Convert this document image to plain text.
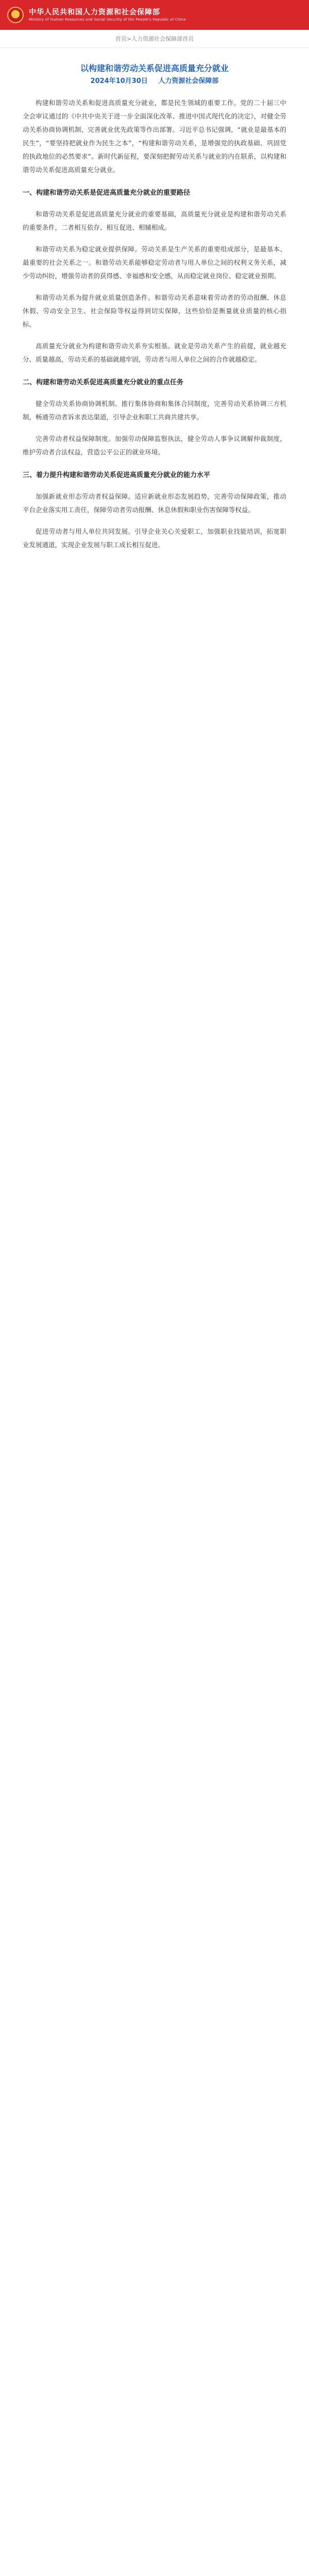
中华人民共和国人力资源和社会保障部
Ministry of Human Resources and Social Security of the People's Republic of China
首页 > 人力资源社会保障部首页
以构建和谐劳动关系促进高质量充分就业
2024年10月30日 人力资源社会保障部

构建和谐劳动关系和促进高质量充分就业，都是民生领域的重要工作。党的二十届三中全会审议通过的《中共中央关于进一步全面深化改革、推进中国式现代化的决定》，对健全劳动关系协商协调机制、完善就业优先政策等作出部署。习近平总书记强调，“就业是最基本的民生”，“要坚持把就业作为民生之本”，“构建和谐劳动关系，是增强党的执政基础、巩固党的执政地位的必然要求”。新时代新征程，要深刻把握劳动关系与就业的内在联系，以构建和谐劳动关系促进高质量充分就业。

一、构建和谐劳动关系是促进高质量充分就业的重要路径

和谐劳动关系是促进高质量充分就业的重要基础，高质量充分就业是构建和谐劳动关系的重要条件，二者相互依存、相互促进、相辅相成。

和谐劳动关系为稳定就业提供保障。劳动关系是生产关系的重要组成部分，是最基本、最重要的社会关系之一。和谐劳动关系能够稳定劳动者与用人单位之间的权利义务关系，减少劳动纠纷，增强劳动者的获得感、幸福感和安全感，从而稳定就业岗位、稳定就业预期。

和谐劳动关系为提升就业质量创造条件。和谐劳动关系意味着劳动者的劳动报酬、休息休假、劳动安全卫生、社会保险等权益得到切实保障，这些恰恰是衡量就业质量的核心指标。

高质量充分就业为构建和谐劳动关系夯实根基。就业是劳动关系产生的前提，就业越充分、质量越高，劳动关系的基础就越牢固，劳动者与用人单位之间的合作就越稳定。

二、构建和谐劳动关系促进高质量充分就业的重点任务

健全劳动关系协商协调机制。推行集体协商和集体合同制度，完善劳动关系协调三方机制，畅通劳动者诉求表达渠道，引导企业和职工共商共建共享。

完善劳动者权益保障制度。加强劳动保障监察执法，健全劳动人事争议调解仲裁制度，维护劳动者合法权益，营造公平公正的就业环境。

三、着力提升构建和谐劳动关系促进高质量充分就业的能力水平

加强新就业形态劳动者权益保障。适应新就业形态发展趋势，完善劳动保障政策，推动平台企业落实用工责任，保障劳动者劳动报酬、休息休假和职业伤害保障等权益。

促进劳动者与用人单位共同发展。引导企业关心关爱职工，加强职业技能培训，拓宽职业发展通道，实现企业发展与职工成长相互促进。
